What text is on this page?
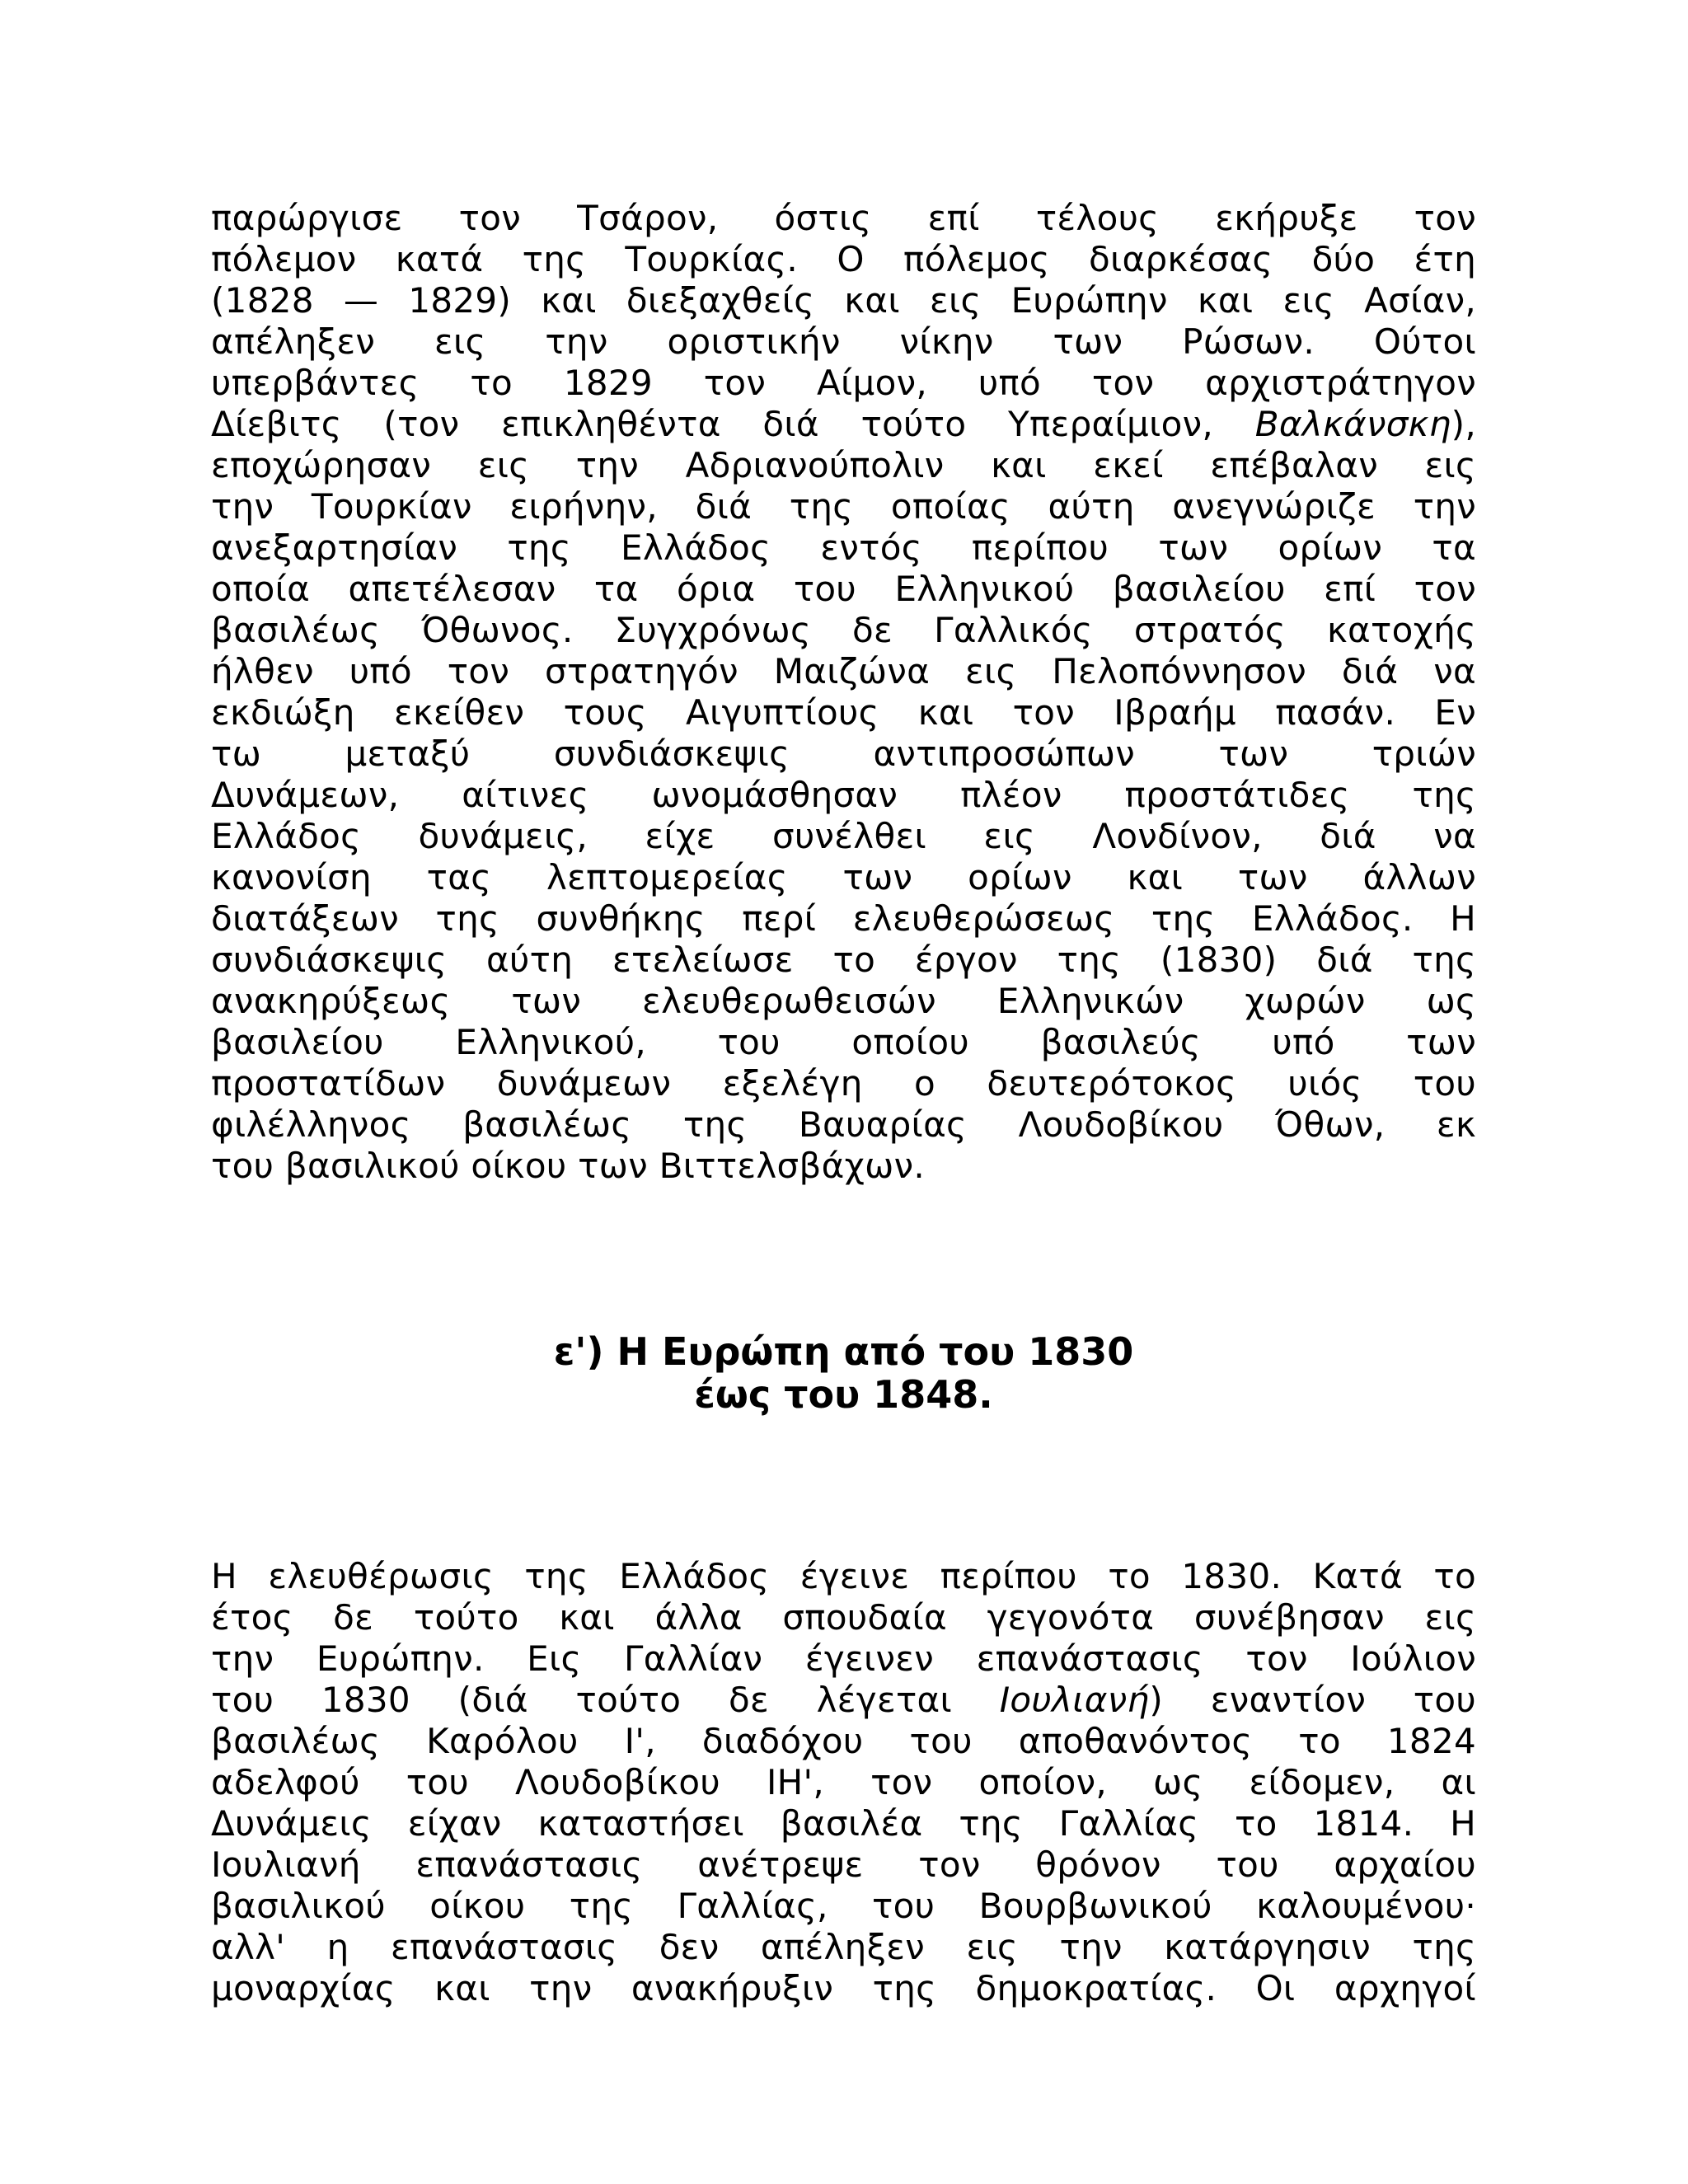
παρώργισε τον Τσάρον, όστις επί τέλους εκήρυξε τον
πόλεμον κατά της Τουρκίας. Ο πόλεμος διαρκέσας δύο έτη
(1828 — 1829) και διεξαχθείς και εις Ευρώπην και εις Ασίαν,
απέληξεν εις την οριστικήν νίκην των Ρώσων. Ούτοι
υπερβάντες το 1829 τον Αίμον, υπό τον αρχιστράτηγον
Δίεβιτς (τον επικληθέντα διά τούτο Υπεραίμιον, Βαλκάνσκη),
εποχώρησαν εις την Αδριανούπολιν και εκεί επέβαλαν εις
την Τουρκίαν ειρήνην, διά της οποίας αύτη ανεγνώριζε την
ανεξαρτησίαν της Ελλάδος εντός περίπου των ορίων τα
οποία απετέλεσαν τα όρια του Ελληνικού βασιλείου επί τον
βασιλέως Όθωνος. Συγχρόνως δε Γαλλικός στρατός κατοχής
ήλθεν υπό τον στρατηγόν Μαιζώνα εις Πελοπόννησον διά να
εκδιώξη εκείθεν τους Αιγυπτίους και τον Ιβραήμ πασάν. Εν
τω μεταξύ συνδιάσκεψις αντιπροσώπων των τριών
Δυνάμεων, αίτινες ωνομάσθησαν πλέον προστάτιδες της
Ελλάδος δυνάμεις, είχε συνέλθει εις Λονδίνον, διά να
κανονίση τας λεπτομερείας των ορίων και των άλλων
διατάξεων της συνθήκης περί ελευθερώσεως της Ελλάδος. Η
συνδιάσκεψις αύτη ετελείωσε το έργον της (1830) διά της
ανακηρύξεως των ελευθερωθεισών Ελληνικών χωρών ως
βασιλείου Ελληνικού, του οποίου βασιλεύς υπό των
προστατίδων δυνάμεων εξελέγη ο δευτερότοκος υιός του
φιλέλληνος βασιλέως της Βαυαρίας Λουδοβίκου Όθων, εκ
του βασιλικού οίκου των Βιττελσβάχων.
ε') Η Ευρώπη από του 1830
έως του 1848.
Η ελευθέρωσις της Ελλάδος έγεινε περίπου το 1830. Κατά το
έτος δε τούτο και άλλα σπουδαία γεγονότα συνέβησαν εις
την Ευρώπην. Εις Γαλλίαν έγεινεν επανάστασις τον Ιούλιον
του 1830 (διά τούτο δε λέγεται Ιουλιανή) εναντίον του
βασιλέως Καρόλου Ι', διαδόχου του αποθανόντος το 1824
αδελφού του Λουδοβίκου ΙΗ', τον οποίον, ως είδομεν, αι
Δυνάμεις είχαν καταστήσει βασιλέα της Γαλλίας το 1814. Η
Ιουλιανή επανάστασις ανέτρεψε τον θρόνον του αρχαίου
βασιλικού οίκου της Γαλλίας, του Βουρβωνικού καλουμένου·
αλλ' η επανάστασις δεν απέληξεν εις την κατάργησιν της
μοναρχίας και την ανακήρυξιν της δημοκρατίας. Οι αρχηγοί
